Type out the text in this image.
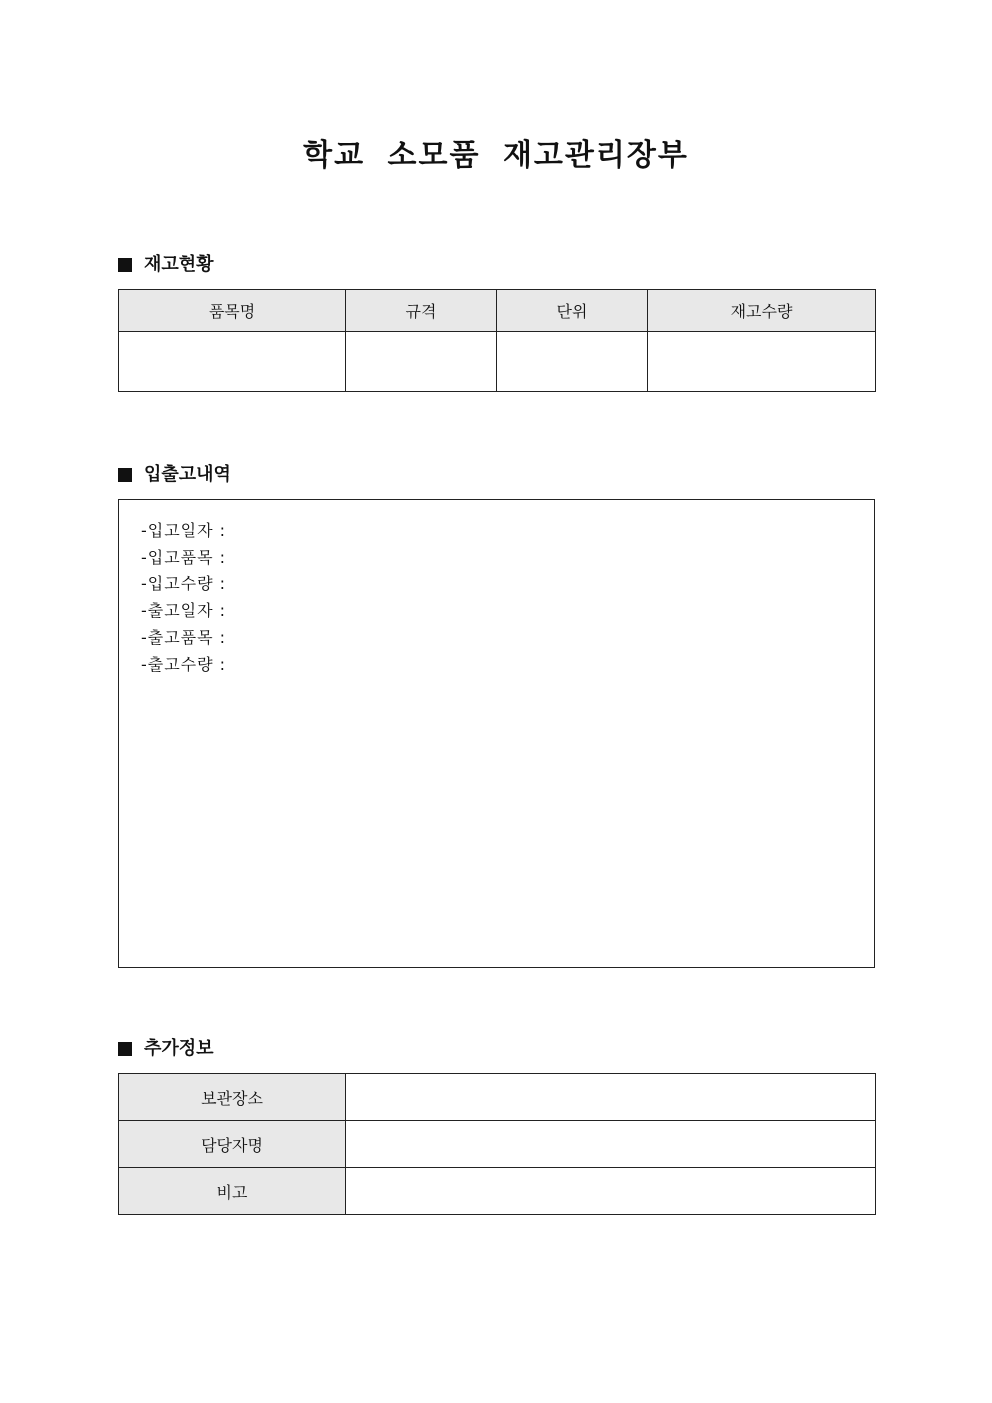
학교 소모품 재고관리장부
재고현황
품목명	규격	단위	재고수량

입출고내역
-입고일자 :
-입고품목 :
-입고수량 :
-출고일자 :
-출고품목 :
-출고수량 :
추가정보
보관장소	
담당자명	
비고	
